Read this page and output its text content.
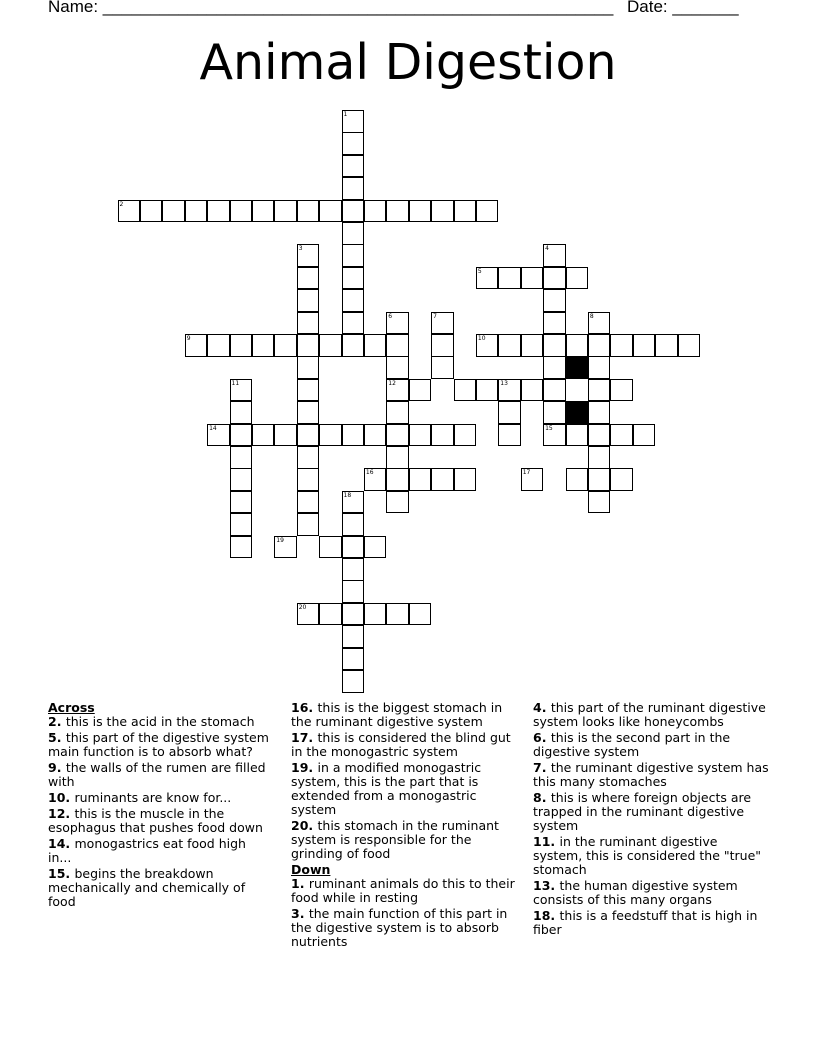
Name: ______________________________________________________ Date: _______
Animal Digestion
1
2
3	4
5
6	7	8
9	10
11	13
12
14	15
16	17
18
19
20
Across
2. this is the acid in the stomach
5. this part of the digestive system main function is to absorb what?
9. the walls of the rumen are filled with
10. ruminants are know for...
12. this is the muscle in the esophagus that pushes food down
14. monogastrics eat food high in...
15. begins the breakdown mechanically and chemically of food
16. this is the biggest stomach in the ruminant digestive system
17. this is considered the blind gut in the monogastric system
19. in a modified monogastric system, this is the part that is extended from a monogastric system
20. this stomach in the ruminant system is responsible for the grinding of food
Down
1. ruminant animals do this to their food while in resting
3. the main function of this part in the digestive system is to absorb nutrients
4. this part of the ruminant digestive system looks like honeycombs
6. this is the second part in the digestive system
7. the ruminant digestive system has this many stomaches
8. this is where foreign objects are trapped in the ruminant digestive system
11. in the ruminant digestive system, this is considered the "true" stomach
13. the human digestive system consists of this many organs
18. this is a feedstuff that is high in fiber
